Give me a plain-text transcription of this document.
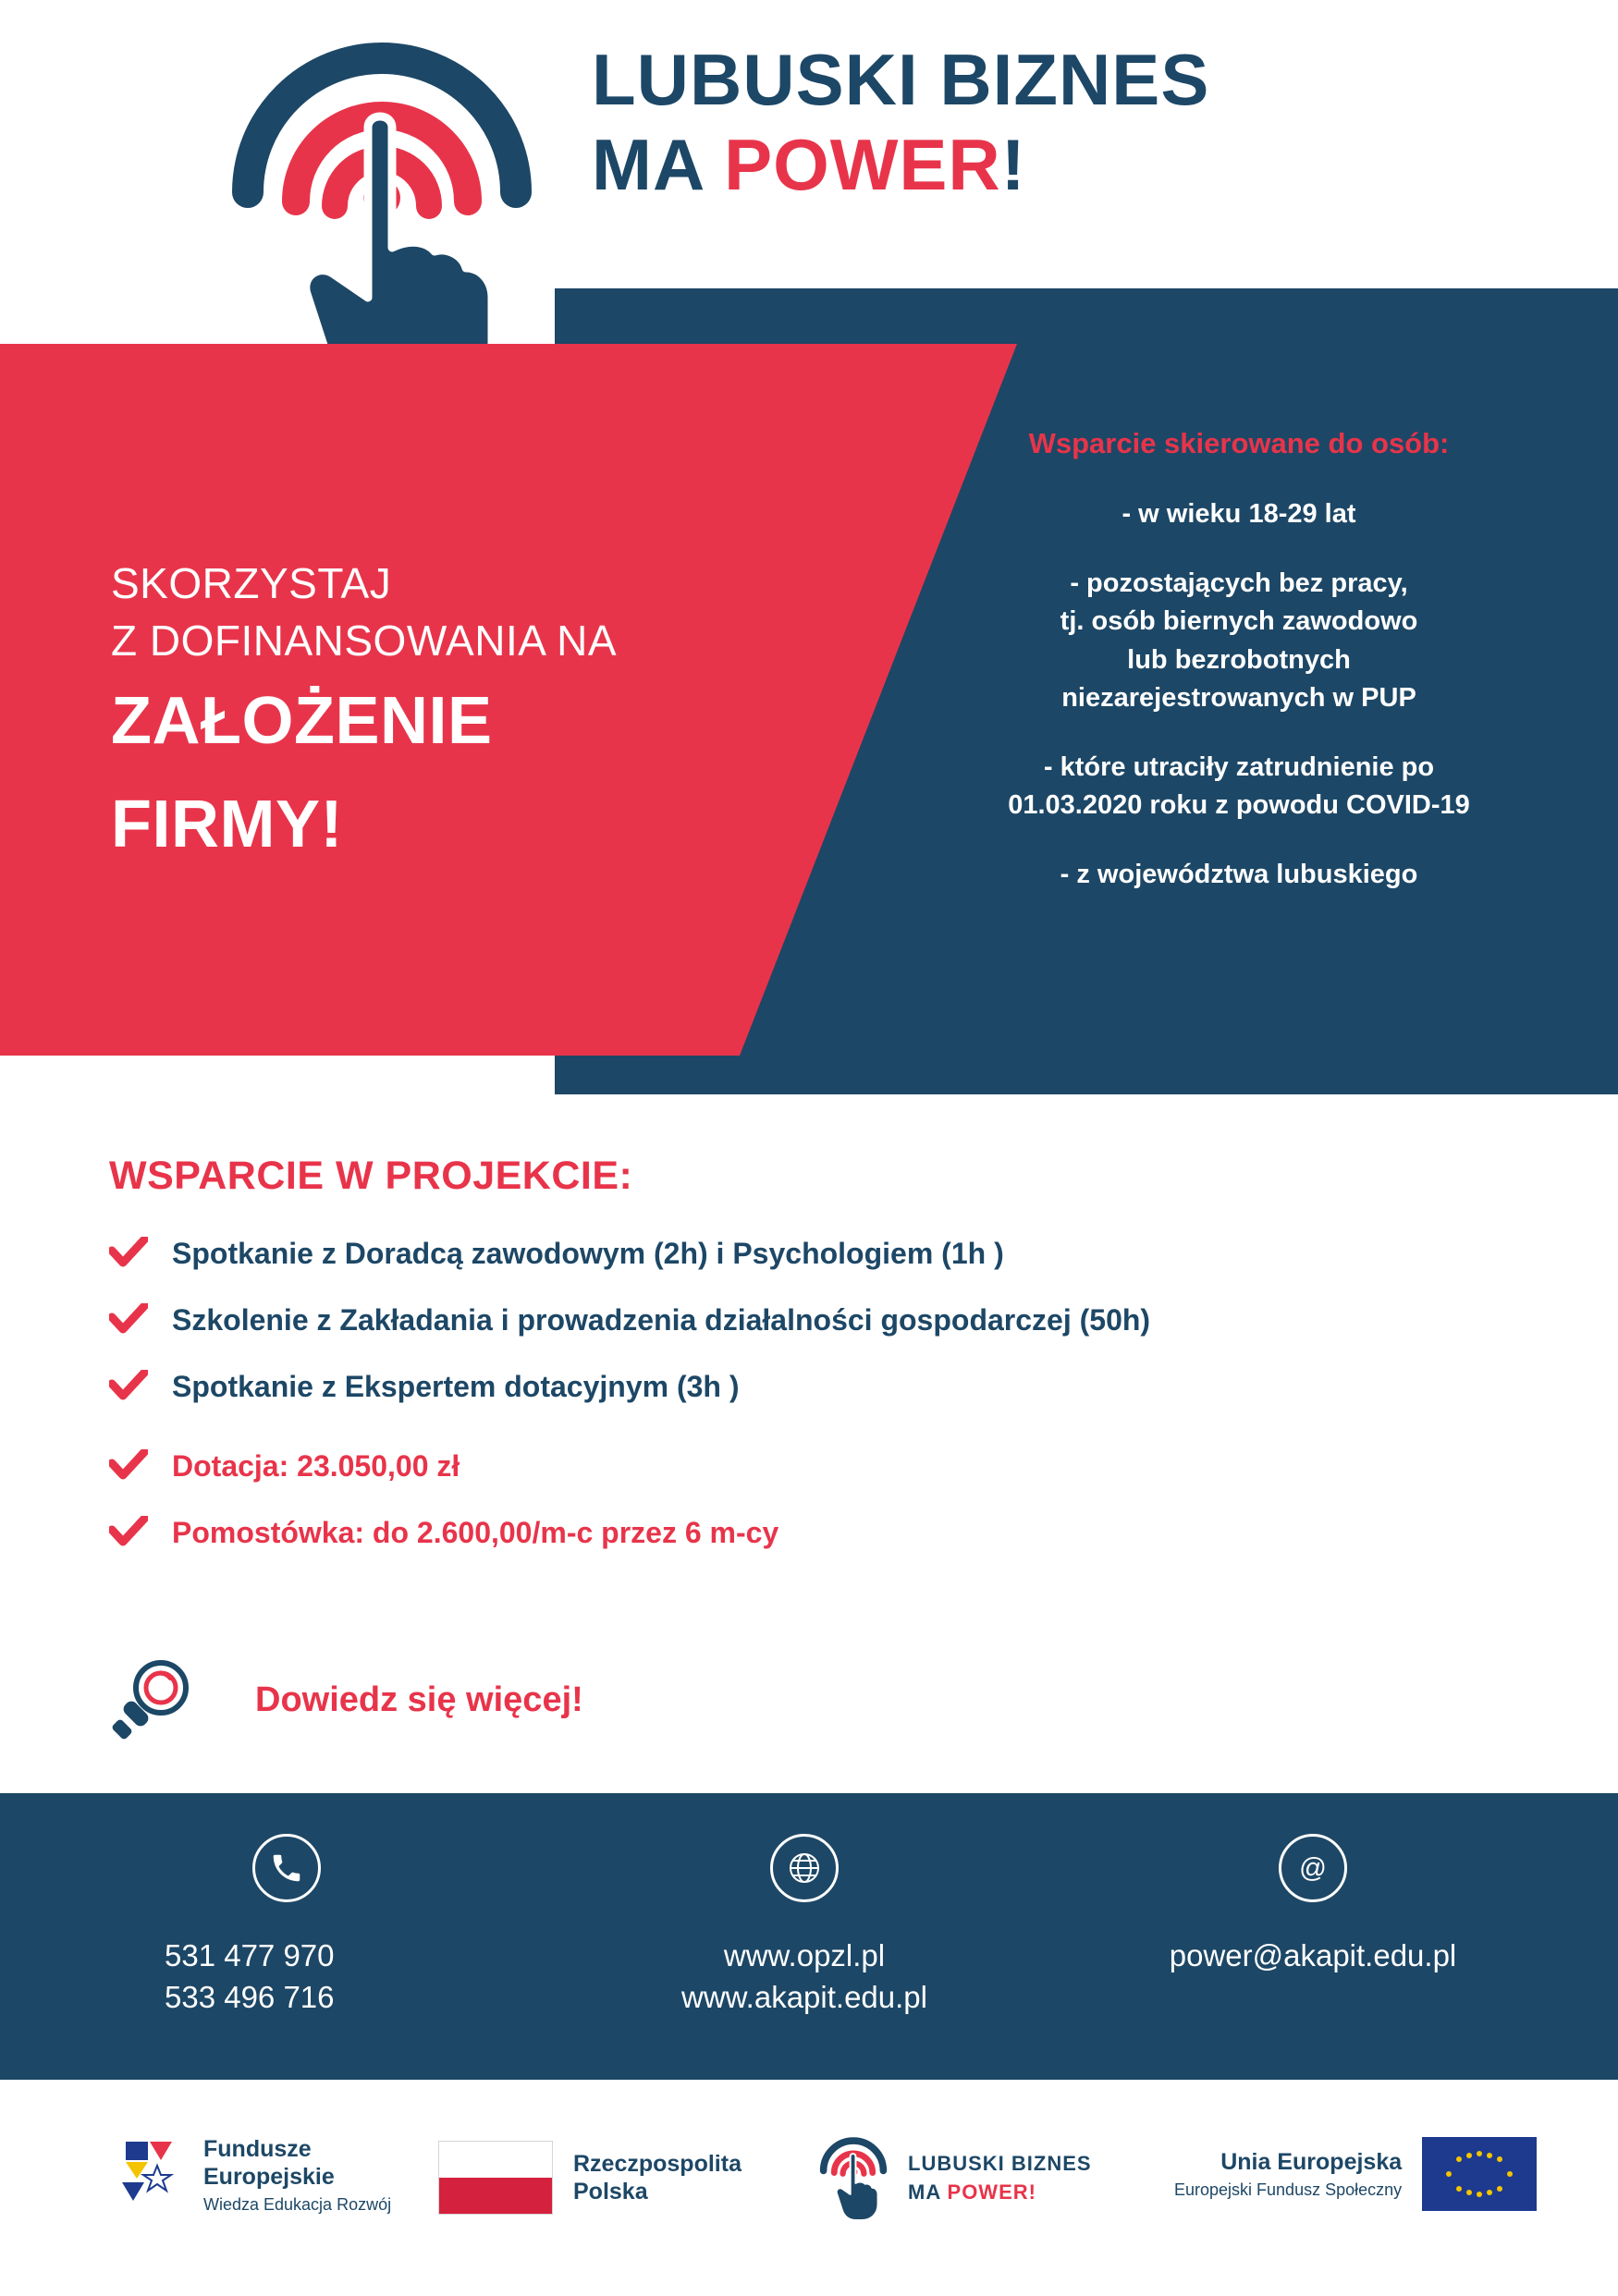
LUBUSKI BIZNES
MA POWER!
SKORZYSTAJ
Z DOFINANSOWANIA NA
ZAŁOŻENIE
FIRMY!
Wsparcie skierowane do osób:

- w wieku 18-29 lat

- pozostających bez pracy,
tj. osób biernych zawodowo
lub bezrobotnych
niezarejestrowanych w PUP

- które utraciły zatrudnienie po
01.03.2020 roku z powodu COVID-19

- z województwa lubuskiego

WSPARCIE W PROJEKCIE:
Spotkanie z Doradcą zawodowym (2h) i Psychologiem (1h )
Szkolenie z Zakładania i prowadzenia działalności gospodarczej (50h)
Spotkanie z Ekspertem dotacyjnym (3h )
Dotacja: 23.050,00 zł
Pomostówka: do 2.600,00/m-c przez 6 m-cy
Dowiedz się więcej!
531 477 970
533 496 716
www.opzl.pl
www.akapit.edu.pl
@
power@akapit.edu.pl
Fundusze
Europejskie
Wiedza Edukacja Rozwój
Rzeczpospolita
Polska
LUBUSKI BIZNES
MA POWER!
Unia Europejska
Europejski Fundusz Społeczny
